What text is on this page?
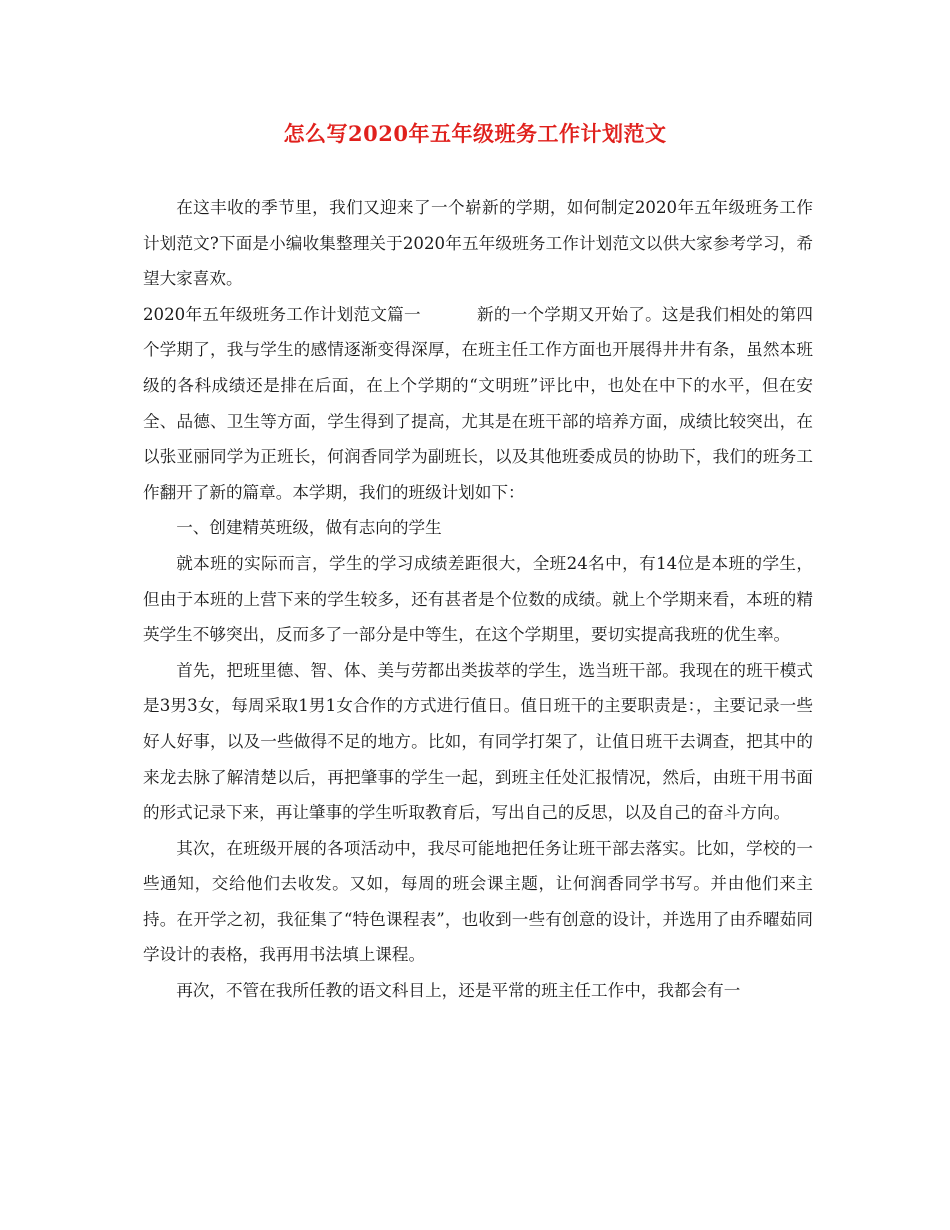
怎么写2020年五年级班务工作计划范文

在这丰收的季节里，我们又迎来了一个崭新的学期，如何制定2020年五年级班务工作计划范文?下面是小编收集整理关于2020年五年级班务工作计划范文以供大家参考学习，希望大家喜欢。

2020年五年级班务工作计划范文篇一	新的一个学期又开始了。这是我们相处的第四个学期了，我与学生的感情逐渐变得深厚，在班主任工作方面也开展得井井有条，虽然本班级的各科成绩还是排在后面，在上个学期的“文明班”评比中，也处在中下的水平，但在安全、品德、卫生等方面，学生得到了提高，尤其是在班干部的培养方面，成绩比较突出，在以张亚丽同学为正班长，何润香同学为副班长，以及其他班委成员的协助下，我们的班务工作翻开了新的篇章。本学期，我们的班级计划如下：

一、创建精英班级，做有志向的学生

就本班的实际而言，学生的学习成绩差距很大，全班24名中，有14位是本班的学生，但由于本班的上营下来的学生较多，还有甚者是个位数的成绩。就上个学期来看，本班的精英学生不够突出，反而多了一部分是中等生，在这个学期里，要切实提高我班的优生率。

首先，把班里德、智、体、美与劳都出类拔萃的学生，选当班干部。我现在的班干模式是3男3女，每周采取1男1女合作的方式进行值日。值日班干的主要职责是：，主要记录一些好人好事，以及一些做得不足的地方。比如，有同学打架了，让值日班干去调查，把其中的来龙去脉了解清楚以后，再把肇事的学生一起，到班主任处汇报情况，然后，由班干用书面的形式记录下来，再让肇事的学生听取教育后，写出自己的反思，以及自己的奋斗方向。

其次，在班级开展的各项活动中，我尽可能地把任务让班干部去落实。比如，学校的一些通知，交给他们去收发。又如，每周的班会课主题，让何润香同学书写。并由他们来主持。在开学之初，我征集了“特色课程表”，也收到一些有创意的设计，并选用了由乔曜茹同学设计的表格，我再用书法填上课程。

再次，不管在我所任教的语文科目上，还是平常的班主任工作中，我都会有一
